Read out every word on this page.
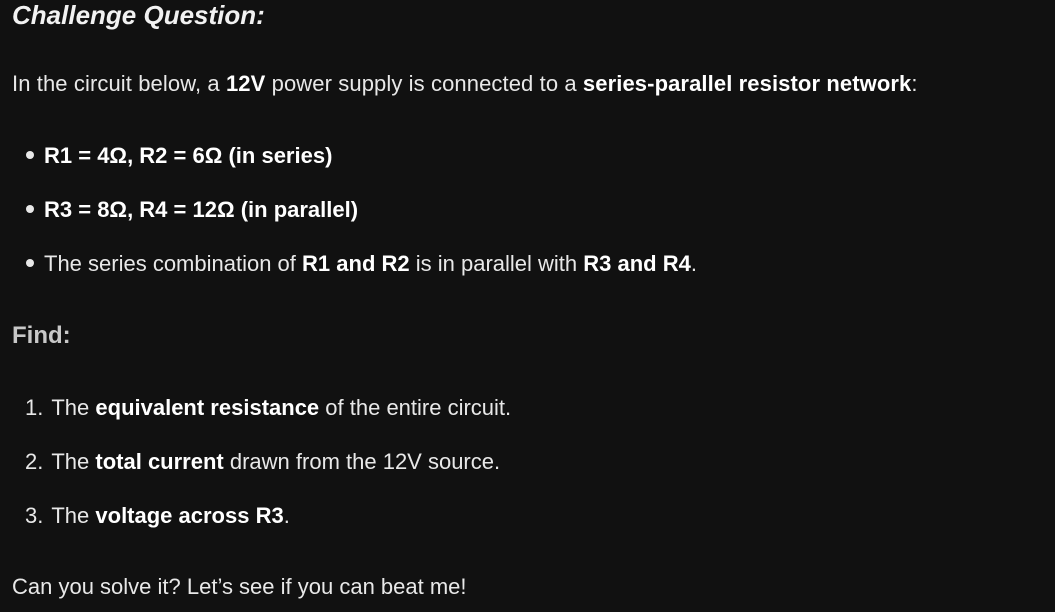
Challenge Question:

In the circuit below, a 12V power supply is connected to a series-parallel resistor network:

R1 = 4Ω, R2 = 6Ω (in series)
R3 = 8Ω, R4 = 12Ω (in parallel)
The series combination of R1 and R2 is in parallel with R3 and R4.
Find:
1. The equivalent resistance of the entire circuit.
2. The total current drawn from the 12V source.
3. The voltage across R3.

Can you solve it? Let’s see if you can beat me!
